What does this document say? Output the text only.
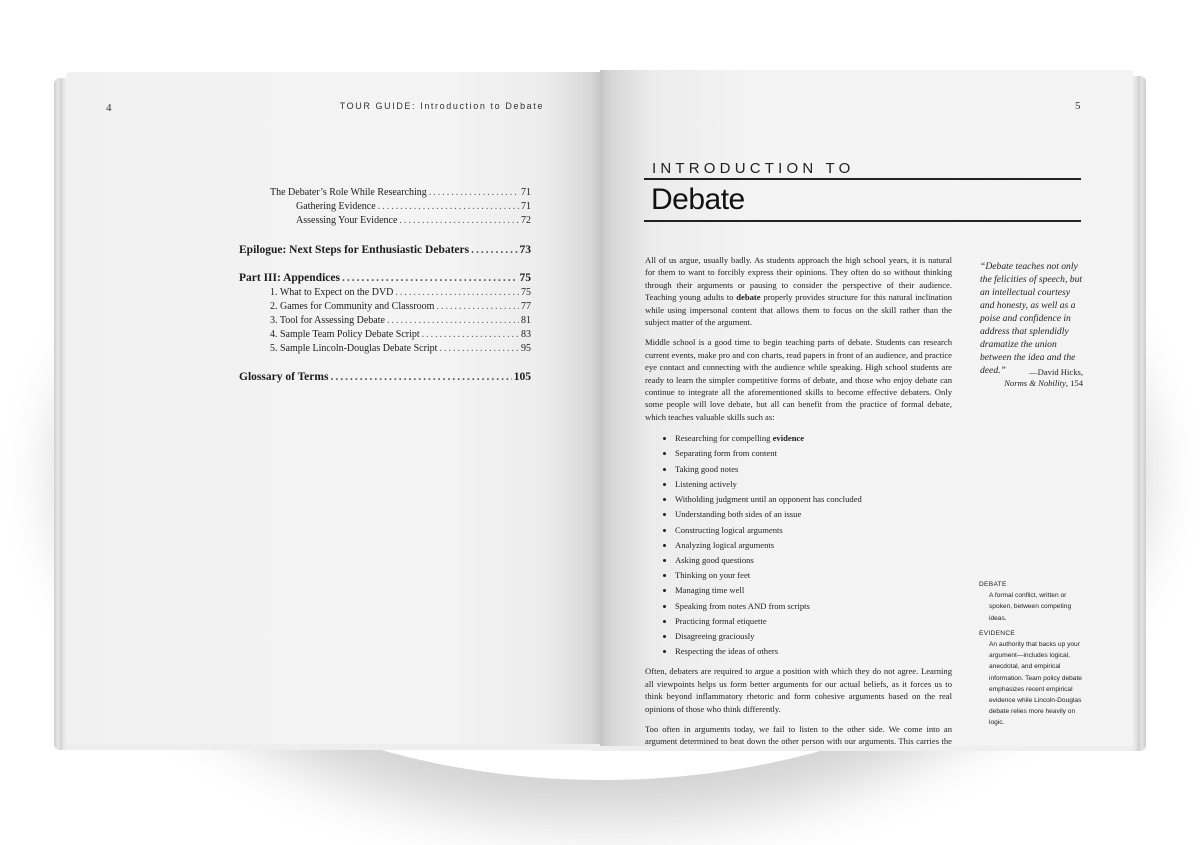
4	TOUR GUIDE: Introduction to Debate
The Debater’s Role While Researching .....	71
Gathering Evidence .....	71
Assessing Your Evidence .....	72
Epilogue: Next Steps for Enthusiastic Debaters .....	73
Part III: Appendices .....	75
1. What to Expect on the DVD .....	75
2. Games for Community and Classroom .....	77
3. Tool for Assessing Debate .....	81
4. Sample Team Policy Debate Script .....	83
5. Sample Lincoln-Douglas Debate Script .....	95
Glossary of Terms .....	105
5
INTRODUCTION TO
Debate

All of us argue, usually badly. As students approach the high school years, it is natural for them to want to forcibly express their opinions. They often do so without thinking through their arguments or pausing to consider the perspective of their audience. Teaching young adults to debate properly provides structure for this natural inclination while using impersonal content that allows them to focus on the skill rather than the subject matter of the argument.

Middle school is a good time to begin teaching parts of debate. Students can research current events, make pro and con charts, read papers in front of an audience, and practice eye contact and connecting with the audience while speaking. High school students are ready to learn the simpler competitive forms of debate, and those who enjoy debate can continue to integrate all the aforementioned skills to become effective debaters. Only some people will love debate, but all can benefit from the practice of formal debate, which teaches valuable skills such as:

• Researching for compelling evidence
• Separating form from content
• Taking good notes
• Listening actively
• Witholding judgment until an opponent has concluded
• Understanding both sides of an issue
• Constructing logical arguments
• Analyzing logical arguments
• Asking good questions
• Thinking on your feet
• Managing time well
• Speaking from notes AND from scripts
• Practicing formal etiquette
• Disagreeing graciously
• Respecting the ideas of others

Often, debaters are required to argue a position with which they do not agree. Learning all viewpoints helps us form better arguments for our actual beliefs, as it forces us to think beyond inflammatory rhetoric and form cohesive arguments based on the real opinions of those who think differently.

Too often in arguments today, we fail to listen to the other side. We come into an argument determined to beat down the other person with our arguments. This carries the

“Debate teaches not only the felicities of speech, but an intellectual courtesy and honesty, as well as a poise and confidence in address that splendidly dramatize the union between the idea and the deed.”	—David Hicks,
Norms & Nobility, 154
DEBATE
A formal conflict, written or spoken, between competing ideas.
EVIDENCE
An authority that backs up your argument—includes logical, anecdotal, and empirical information. Team policy debate emphasizes recent empirical evidence while Lincoln-Douglas debate relies more heavily on logic.
